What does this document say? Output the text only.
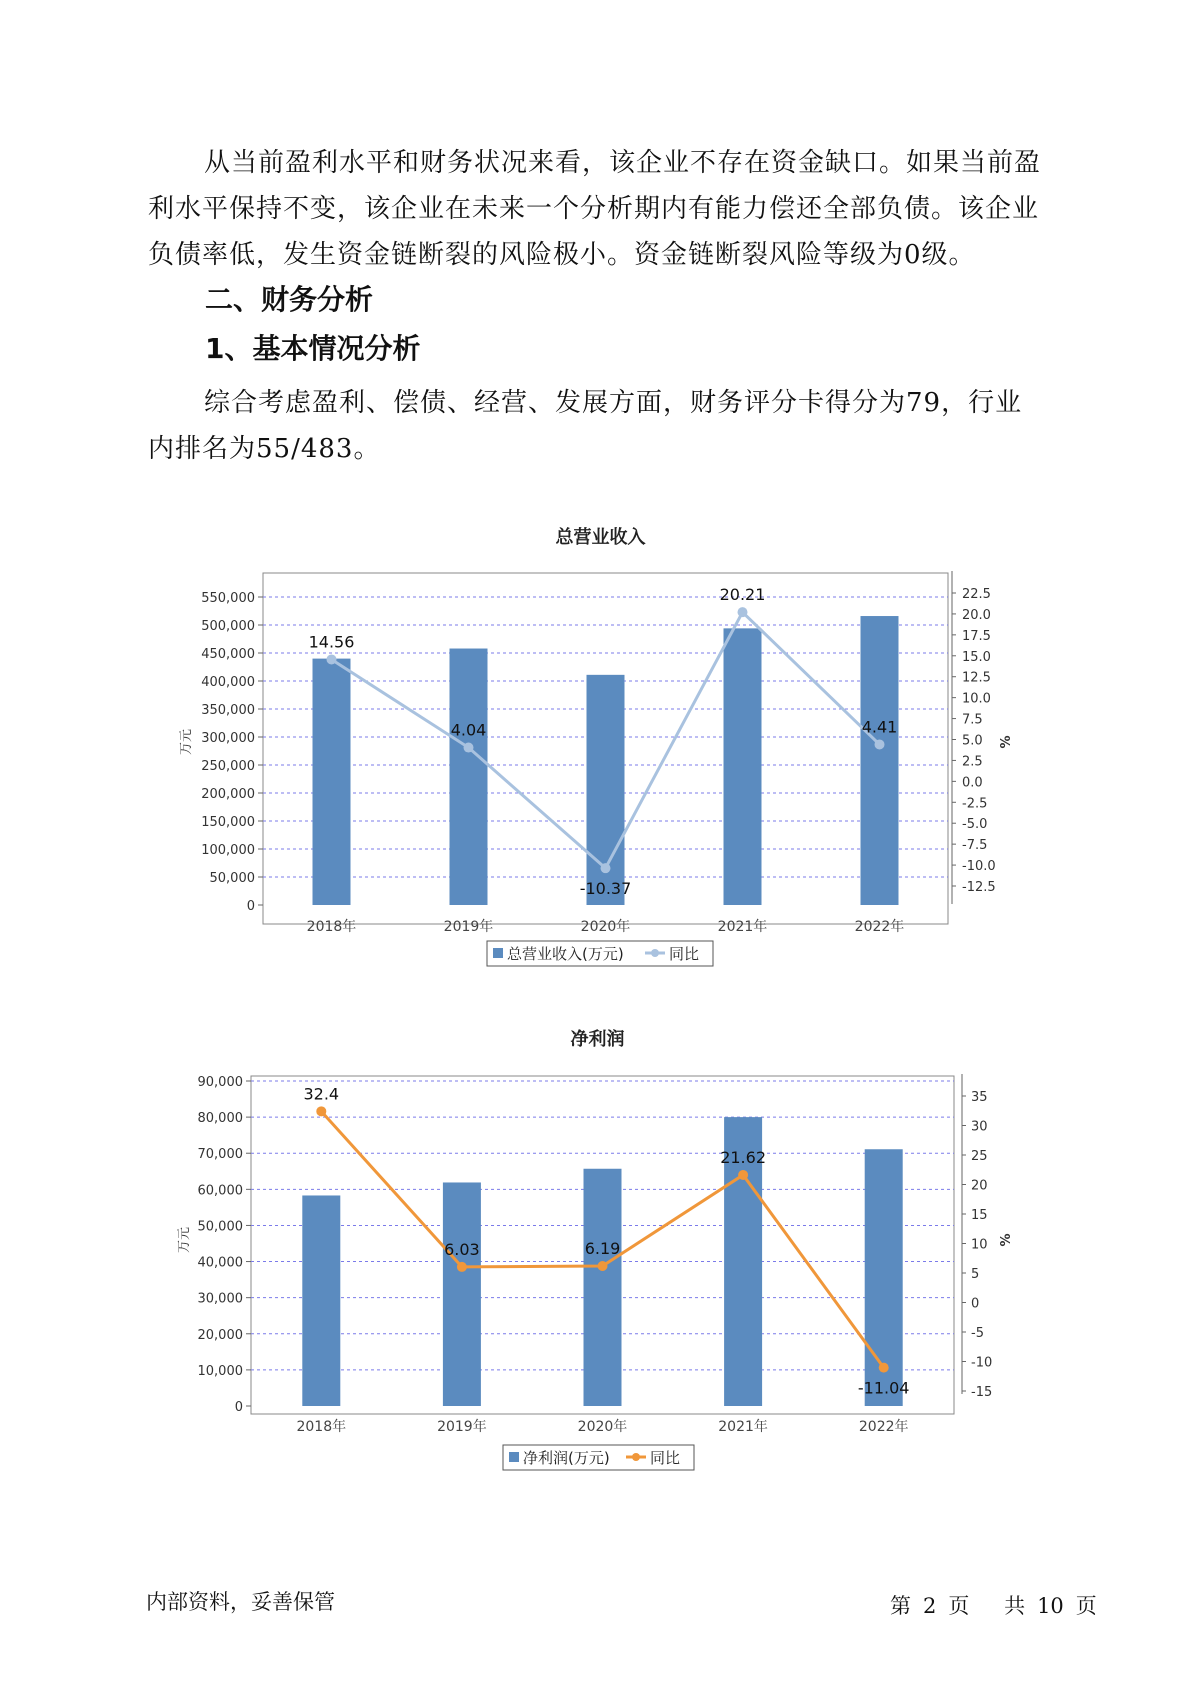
从当前盈利水平和财务状况来看，该企业不存在资金缺口。如果当前盈利水平保持不变，该企业在未来一个分析期内有能力偿还全部负债。该企业负债率低，发生资金链断裂的风险极小。资金链断裂风险等级为0级。

二、财务分析
1、基本情况分析

综合考虑盈利、偿债、经营、发展方面，财务评分卡得分为79，行业内排名为55/483。

总营业收入
0
50,000
100,000
150,000
200,000
250,000
300,000
350,000
400,000
450,000
500,000
550,000
-12.5
-10.0
-7.5
-5.0
-2.5
0.0
2.5
5.0
7.5
10.0
12.5
15.0
17.5
20.0
22.5
万元	%
2018年	2019年	2020年	2021年	2022年
14.56
4.04
-10.37
20.21
4.41
总营业收入(万元)	同比
净利润
0
10,000
20,000
30,000
40,000
50,000
60,000
70,000
80,000
90,000
-15
-10
-5
0
5
10
15
20
25
30
35
万元	%
2018年	2019年	2020年	2021年	2022年
32.4
6.03	6.19
21.62
-11.04
净利润(万元)	同比
内部资料，妥善保管	第 2 页 共 10 页
